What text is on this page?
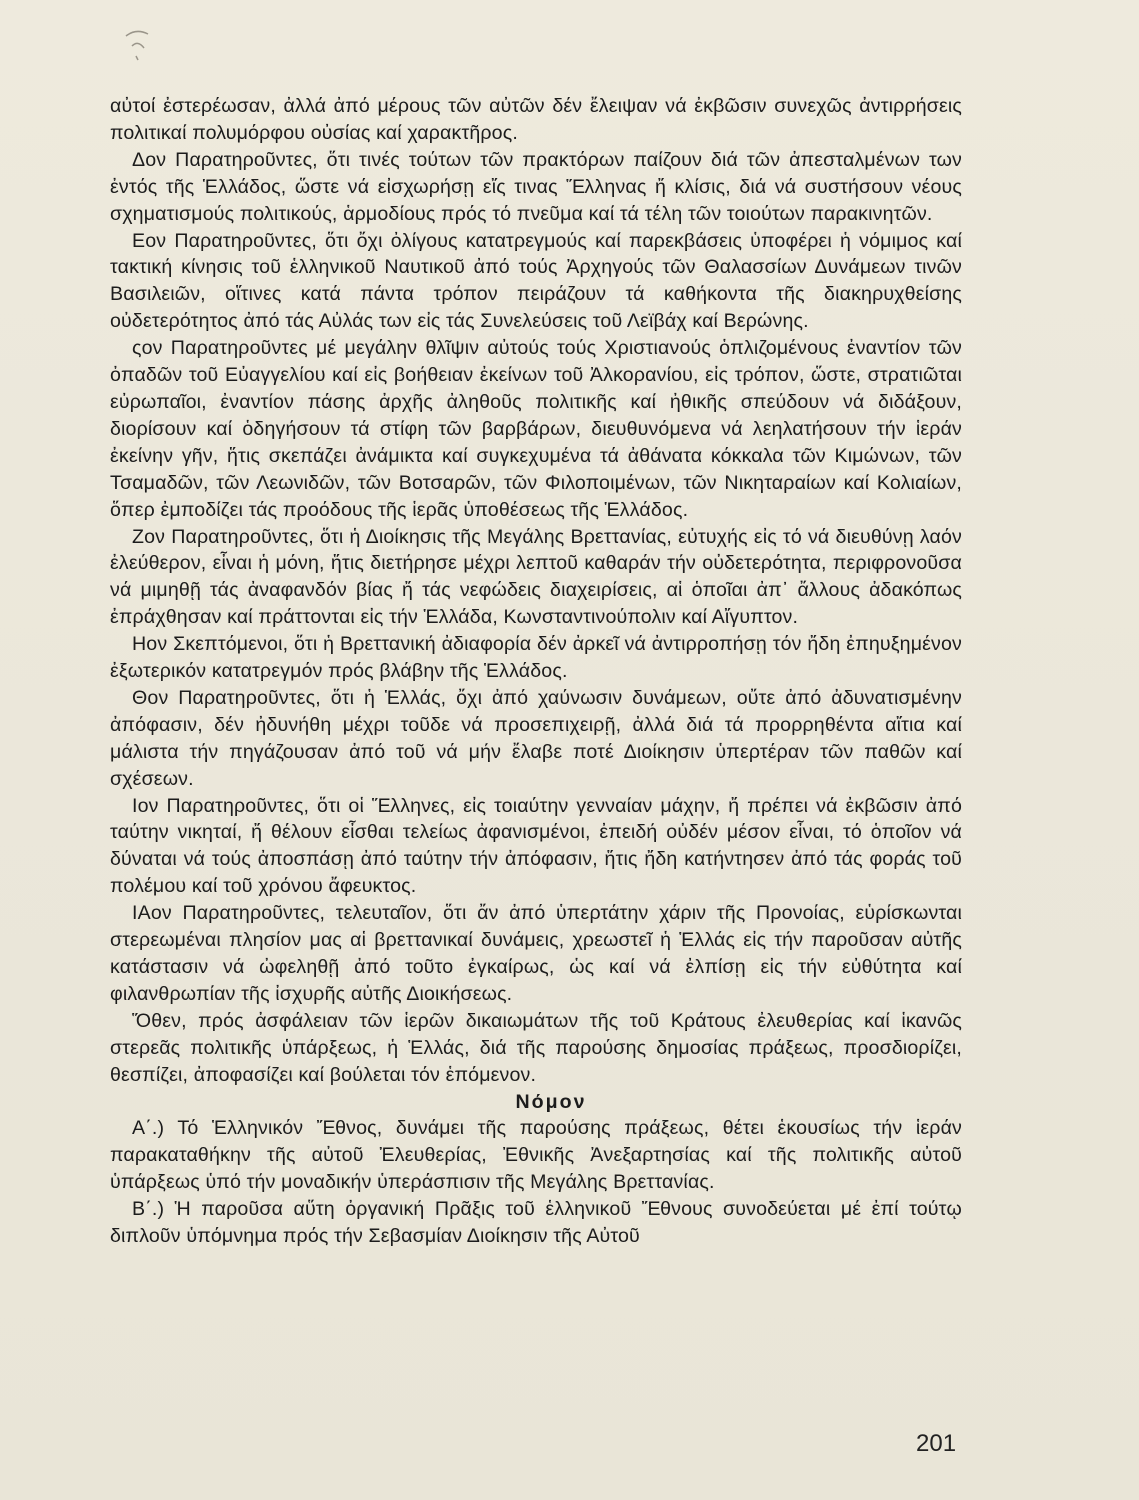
αὐτοί ἐστερέωσαν, ἀλλά ἀπό μέρους τῶν αὐτῶν δέν ἔλειψαν νά ἐκβῶσιν συνεχῶς ἀντιρρήσεις πολιτικαί πολυμόρφου οὐσίας καί χαρακτῆρος.

Δον Παρατηροῦντες, ὅτι τινές τούτων τῶν πρακτόρων παίζουν διά τῶν ἀπεσταλμένων των ἐντός τῆς Ἑλλάδος, ὥστε νά εἰσχωρήσῃ εἴς τινας Ἕλληνας ἤ κλίσις, διά νά συστήσουν νέους σχηματισμούς πολιτικούς, ἁρμοδίους πρός τό πνεῦμα καί τά τέλη τῶν τοιούτων παρακινητῶν.

Εον Παρατηροῦντες, ὅτι ὄχι ὀλίγους κατατρεγμούς καί παρεκβάσεις ὑποφέρει ἡ νόμιμος καί τακτική κίνησις τοῦ ἑλληνικοῦ Ναυτικοῦ ἀπό τούς Ἀρχηγούς τῶν Θαλασσίων Δυνάμεων τινῶν Βασιλειῶν, οἵτινες κατά πάντα τρόπον πειράζουν τά καθήκοντα τῆς διακηρυχθείσης οὐδετερότητος ἀπό τάς Αὐλάς των εἰς τάς Συνελεύσεις τοῦ Λεϊβάχ καί Βερώνης.

ςον Παρατηροῦντες μέ μεγάλην θλῖψιν αὐτούς τούς Χριστιανούς ὁπλιζομένους ἐναντίον τῶν ὀπαδῶν τοῦ Εὐαγγελίου καί εἰς βοήθειαν ἐκείνων τοῦ Ἀλκορανίου, εἰς τρόπον, ὥστε, στρατιῶται εὐρωπαῖοι, ἐναντίον πάσης ἀρχῆς ἀληθοῦς πολιτικῆς καί ἠθικῆς σπεύδουν νά διδάξουν, διορίσουν καί ὁδηγήσουν τά στίφη τῶν βαρβάρων, διευθυνόμενα νά λεηλατήσουν τήν ἱεράν ἐκείνην γῆν, ἥτις σκεπάζει ἀνάμικτα καί συγκεχυμένα τά ἀθάνατα κόκκαλα τῶν Κιμώνων, τῶν Τσαμαδῶν, τῶν Λεωνιδῶν, τῶν Βοτσαρῶν, τῶν Φιλοποιμένων, τῶν Νικηταραίων καί Κολιαίων, ὅπερ ἐμποδίζει τάς προόδους τῆς ἱερᾶς ὑποθέσεως τῆς Ἑλλάδος.

Ζον Παρατηροῦντες, ὅτι ἡ Διοίκησις τῆς Μεγάλης Βρεττανίας, εὐτυχής εἰς τό νά διευθύνῃ λαόν ἐλεύθερον, εἶναι ἡ μόνη, ἥτις διετήρησε μέχρι λεπτοῦ καθαράν τήν οὐδετερότητα, περιφρονοῦσα νά μιμηθῇ τάς ἀναφανδόν βίας ἤ τάς νεφώδεις διαχειρίσεις, αἱ ὁποῖαι ἀπ᾽ ἄλλους ἀδακόπως ἐπράχθησαν καί πράττονται εἰς τήν Ἑλλάδα, Κωνσταντινούπολιν καί Αἴγυπτον.

Ηον Σκεπτόμενοι, ὅτι ἡ Βρεττανική ἀδιαφορία δέν ἀρκεῖ νά ἀντιρροπήσῃ τόν ἤδη ἐπηυξημένον ἐξωτερικόν κατατρεγμόν πρός βλάβην τῆς Ἑλλάδος.

Θον Παρατηροῦντες, ὅτι ἡ Ἑλλάς, ὄχι ἀπό χαύνωσιν δυνάμεων, οὔτε ἀπό ἀδυνατισμένην ἀπόφασιν, δέν ἠδυνήθη μέχρι τοῦδε νά προσεπιχειρῇ, ἀλλά διά τά προρρηθέντα αἴτια καί μάλιστα τήν πηγάζουσαν ἀπό τοῦ νά μήν ἔλαβε ποτέ Διοίκησιν ὑπερτέραν τῶν παθῶν καί σχέσεων.

Ιον Παρατηροῦντες, ὅτι οἱ Ἕλληνες, εἰς τοιαύτην γενναίαν μάχην, ἤ πρέπει νά ἐκβῶσιν ἀπό ταύτην νικηταί, ἤ θέλουν εἶσθαι τελείως ἀφανισμένοι, ἐπειδή οὐδέν μέσον εἶναι, τό ὁποῖον νά δύναται νά τούς ἀποσπάσῃ ἀπό ταύτην τήν ἀπόφασιν, ἥτις ἤδη κατήντησεν ἀπό τάς φοράς τοῦ πολέμου καί τοῦ χρόνου ἄφευκτος.

ΙΑον Παρατηροῦντες, τελευταῖον, ὅτι ἄν ἀπό ὑπερτάτην χάριν τῆς Προνοίας, εὑρίσκωνται στερεωμέναι πλησίον μας αἱ βρεττανικαί δυνάμεις, χρεωστεῖ ἡ Ἑλλάς εἰς τήν παροῦσαν αὐτῆς κατάστασιν νά ὠφεληθῇ ἀπό τοῦτο ἐγκαίρως, ὡς καί νά ἐλπίσῃ εἰς τήν εὐθύτητα καί φιλανθρωπίαν τῆς ἰσχυρῆς αὐτῆς Διοικήσεως.

Ὅθεν, πρός ἀσφάλειαν τῶν ἱερῶν δικαιωμάτων τῆς τοῦ Κράτους ἐλευθερίας καί ἱκανῶς στερεᾶς πολιτικῆς ὑπάρξεως, ἡ Ἑλλάς, διά τῆς παρούσης δημοσίας πράξεως, προσδιορίζει, θεσπίζει, ἀποφασίζει καί βούλεται τόν ἑπόμενον.

Νόμον

Α΄.) Τό Ἑλληνικόν Ἔθνος, δυνάμει τῆς παρούσης πράξεως, θέτει ἑκουσίως τήν ἱεράν παρακαταθήκην τῆς αὐτοῦ Ἐλευθερίας, Ἐθνικῆς Ἀνεξαρτησίας καί τῆς πολιτικῆς αὐτοῦ ὑπάρξεως ὑπό τήν μοναδικήν ὑπεράσπισιν τῆς Μεγάλης Βρεττανίας.

Β΄.) Ἡ παροῦσα αὕτη ὀργανική Πρᾶξις τοῦ ἑλληνικοῦ Ἔθνους συνοδεύεται μέ ἐπί τούτῳ διπλοῦν ὑπόμνημα πρός τήν Σεβασμίαν Διοίκησιν τῆς Αὐτοῦ

201
